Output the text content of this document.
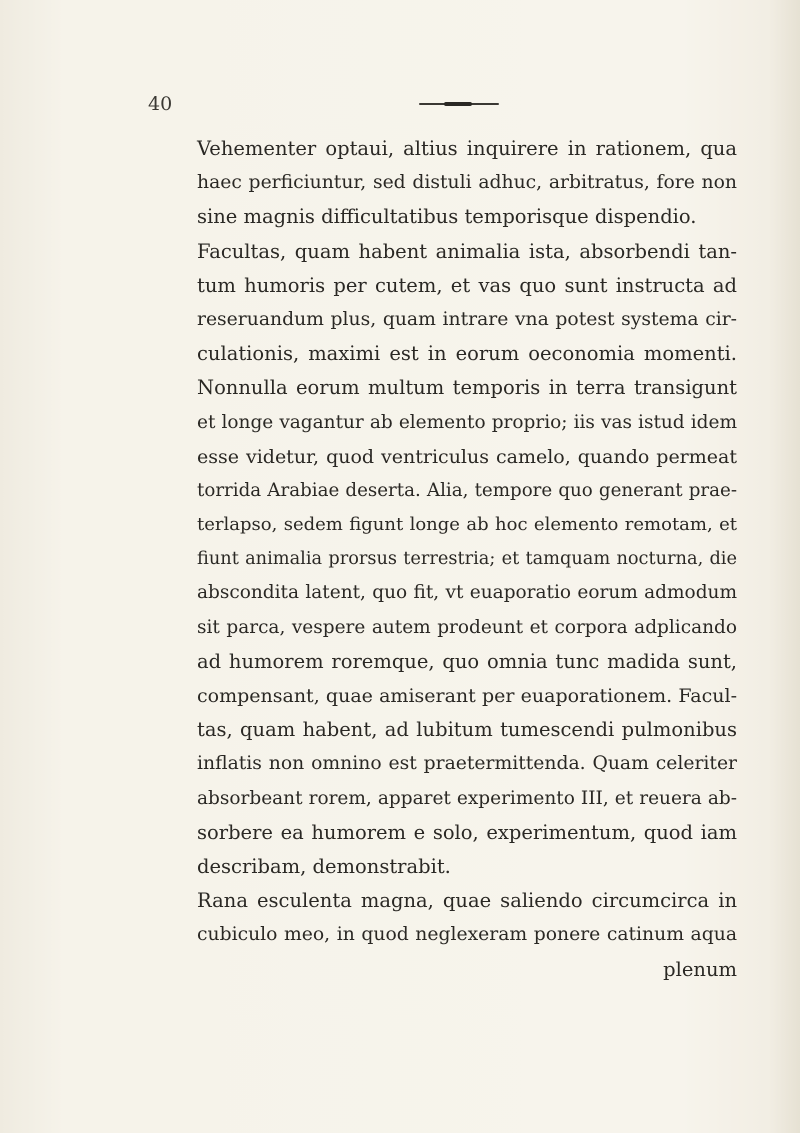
40
Vehementer optaui, altius inquirere in rationem, qua
haec perficiuntur, sed distuli adhuc, arbitratus, fore non
sine magnis difficultatibus temporisque dispendio.
Facultas, quam habent animalia ista, absorbendi tan-
tum humoris per cutem, et vas quo sunt instructa ad
reseruandum plus, quam intrare vna potest systema cir-
culationis, maximi est in eorum oeconomia momenti.
Nonnulla eorum multum temporis in terra transigunt
et longe vagantur ab elemento proprio; iis vas istud idem
esse videtur, quod ventriculus camelo, quando permeat
torrida Arabiae deserta. Alia, tempore quo generant prae-
terlapso, sedem figunt longe ab hoc elemento remotam, et
fiunt animalia prorsus terrestria; et tamquam nocturna, die
abscondita latent, quo fit, vt euaporatio eorum admodum
sit parca, vespere autem prodeunt et corpora adplicando
ad humorem roremque, quo omnia tunc madida sunt,
compensant, quae amiserant per euaporationem. Facul-
tas, quam habent, ad lubitum tumescendi pulmonibus
inflatis non omnino est praetermittenda. Quam celeriter
absorbeant rorem, apparet experimento III, et reuera ab-
sorbere ea humorem e solo, experimentum, quod iam
describam, demonstrabit.
Rana esculenta magna, quae saliendo circumcirca in
cubiculo meo, in quod neglexeram ponere catinum aqua
plenum
